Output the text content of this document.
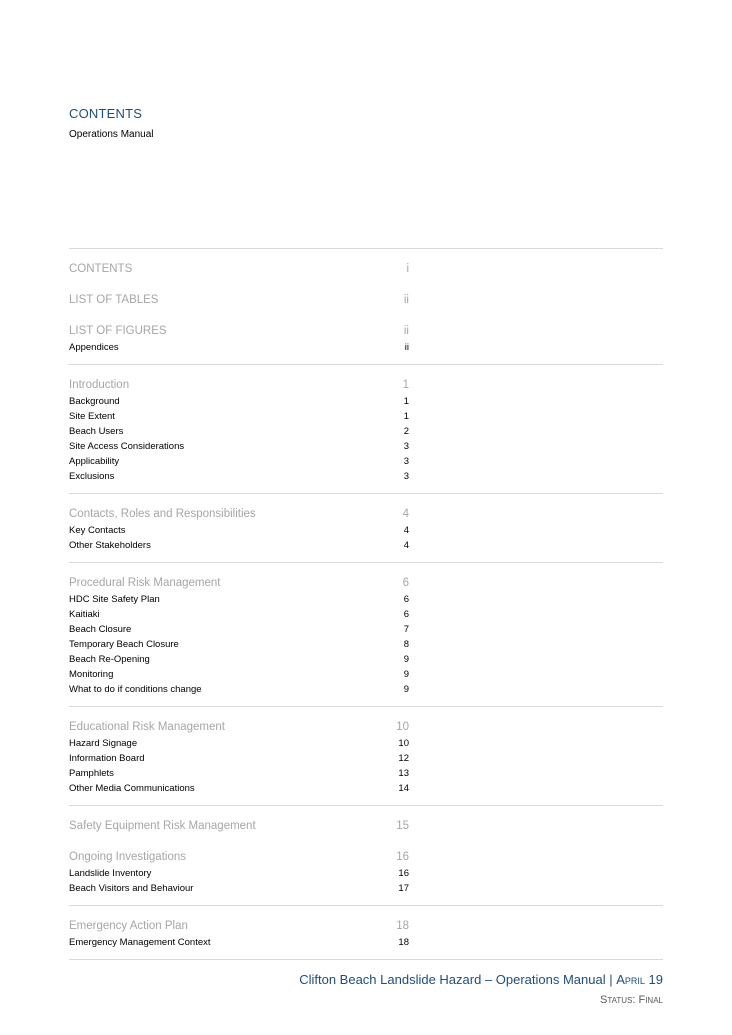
CONTENTS
Operations Manual
CONTENTS	i
LIST OF TABLES	ii
LIST OF FIGURES	ii
Appendices	ii
Introduction	1
Background	1
Site Extent	1
Beach Users	2
Site Access Considerations	3
Applicability	3
Exclusions	3
Contacts, Roles and Responsibilities	4
Key Contacts	4
Other Stakeholders	4
Procedural Risk Management	6
HDC Site Safety Plan	6
Kaitiaki	6
Beach Closure	7
Temporary Beach Closure	8
Beach Re-Opening	9
Monitoring	9
What to do if conditions change	9
Educational Risk Management	10
Hazard Signage	10
Information Board	12
Pamphlets	13
Other Media Communications	14
Safety Equipment Risk Management	15
Ongoing Investigations	16
Landslide Inventory	16
Beach Visitors and Behaviour	17
Emergency Action Plan	18
Emergency Management Context	18
Clifton Beach Landslide Hazard – Operations Manual | April 19
Status: Final
